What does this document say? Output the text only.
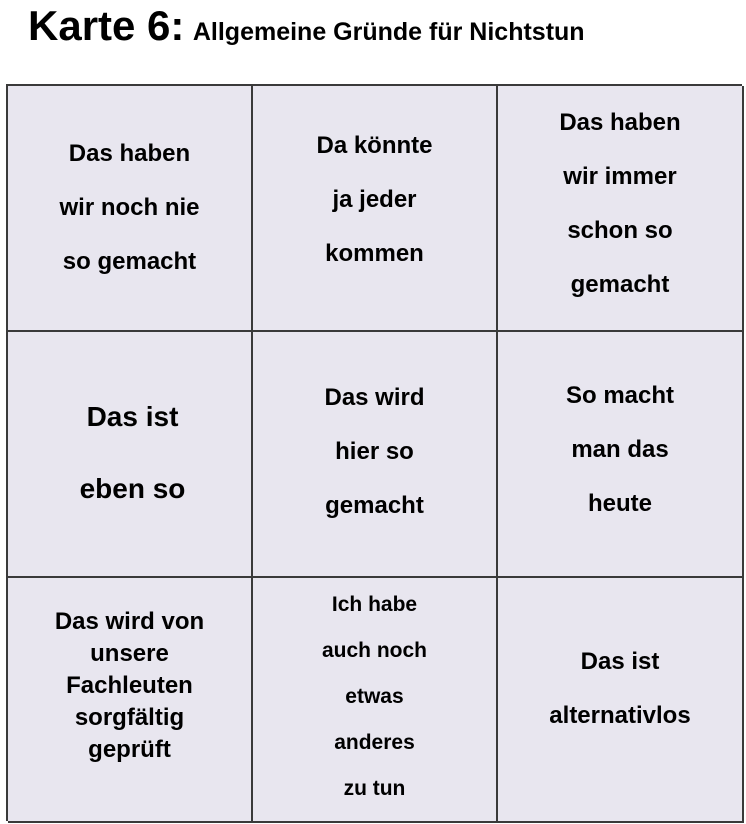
Karte 6: Allgemeine Gründe für Nichtstun
Das haben
wir noch nie
so gemacht
Da könnte
ja jeder
kommen
Das haben
wir immer
schon so
gemacht
Das ist
eben so
Das wird
hier so
gemacht
So macht
man das
heute
Das wird von
unsere
Fachleuten
sorgfältig
geprüft
Ich habe
auch noch
etwas
anderes
zu tun
Das ist
alternativlos
